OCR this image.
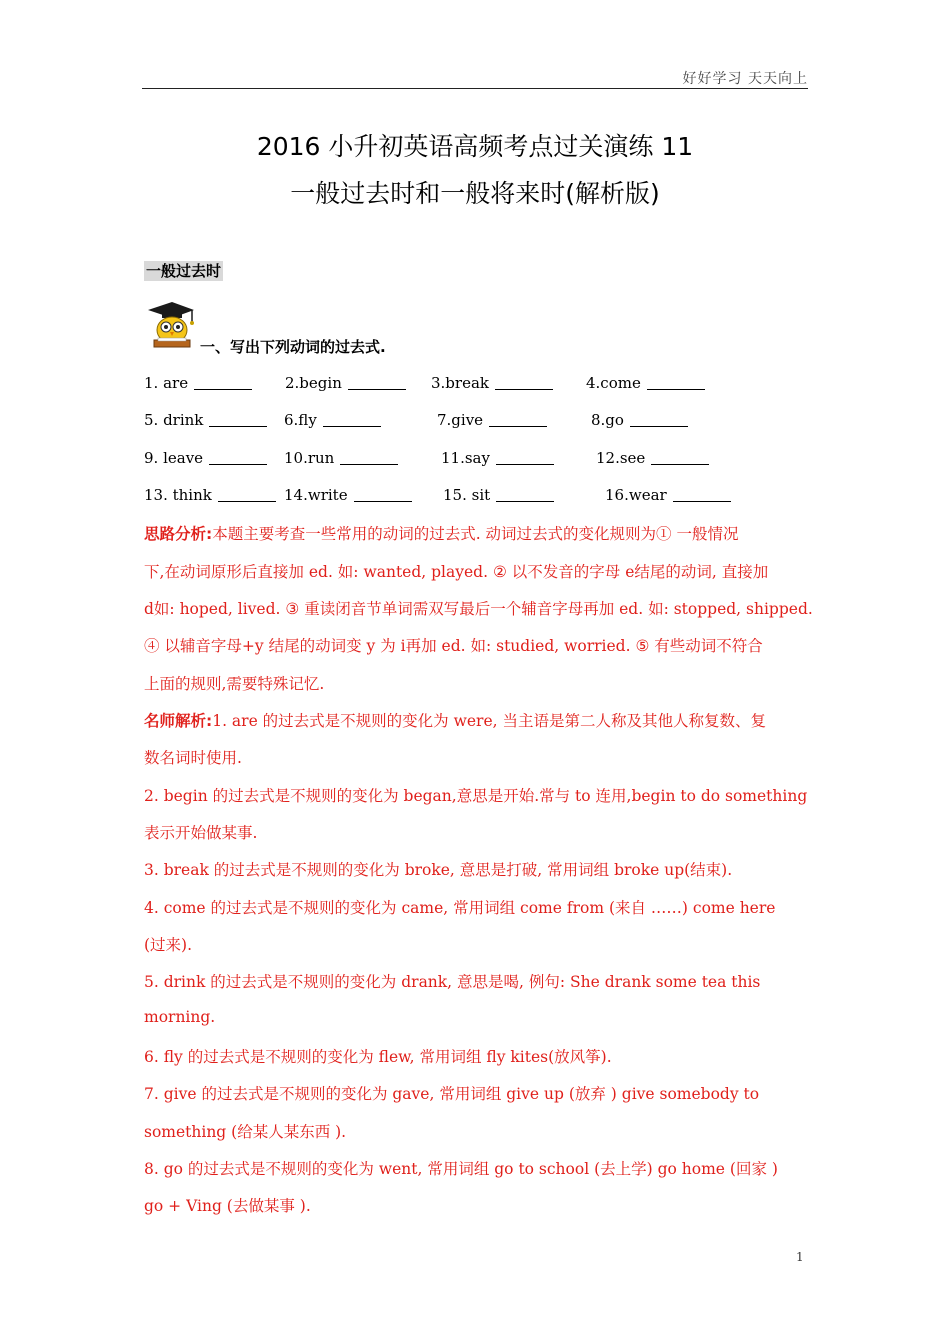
好好学习 天天向上
2016 小升初英语高频考点过关演练 11
一般过去时和一般将来时(解析版)
一般过去时
一、写出下列动词的过去式.
1. are	2.begin	3.break	4.come
5. drink	6.fly	7.give	8.go
9. leave	10.run	11.say	12.see
13. think	14.write	15. sit	16.wear
思路分析:本题主要考查一些常用的动词的过去式. 动词过去式的变化规则为① 一般情况
下,在动词原形后直接加 ed. 如: wanted, played. ② 以不发音的字母 e结尾的动词, 直接加
d如: hoped, lived. ③ 重读闭音节单词需双写最后一个辅音字母再加 ed. 如: stopped, shipped.
④ 以辅音字母+y 结尾的动词变 y 为 i再加 ed. 如: studied, worried. ⑤ 有些动词不符合
上面的规则,需要特殊记忆.
名师解析:1. are 的过去式是不规则的变化为 were, 当主语是第二人称及其他人称复数、复
数名词时使用.
2. begin 的过去式是不规则的变化为 began,意思是开始.常与 to 连用,begin to do something
表示开始做某事.
3. break 的过去式是不规则的变化为 broke, 意思是打破, 常用词组 broke up(结束).
4. come 的过去式是不规则的变化为 came, 常用词组 come from (来自 ……) come here
(过来).
5. drink 的过去式是不规则的变化为 drank, 意思是喝, 例句: She drank some tea this
morning.
6. fly 的过去式是不规则的变化为 flew, 常用词组 fly kites(放风筝).
7. give 的过去式是不规则的变化为 gave, 常用词组 give up (放弃 ) give somebody to
something (给某人某东西 ).
8. go 的过去式是不规则的变化为 went, 常用词组 go to school (去上学) go home (回家 )
go + Ving (去做某事 ).
1
